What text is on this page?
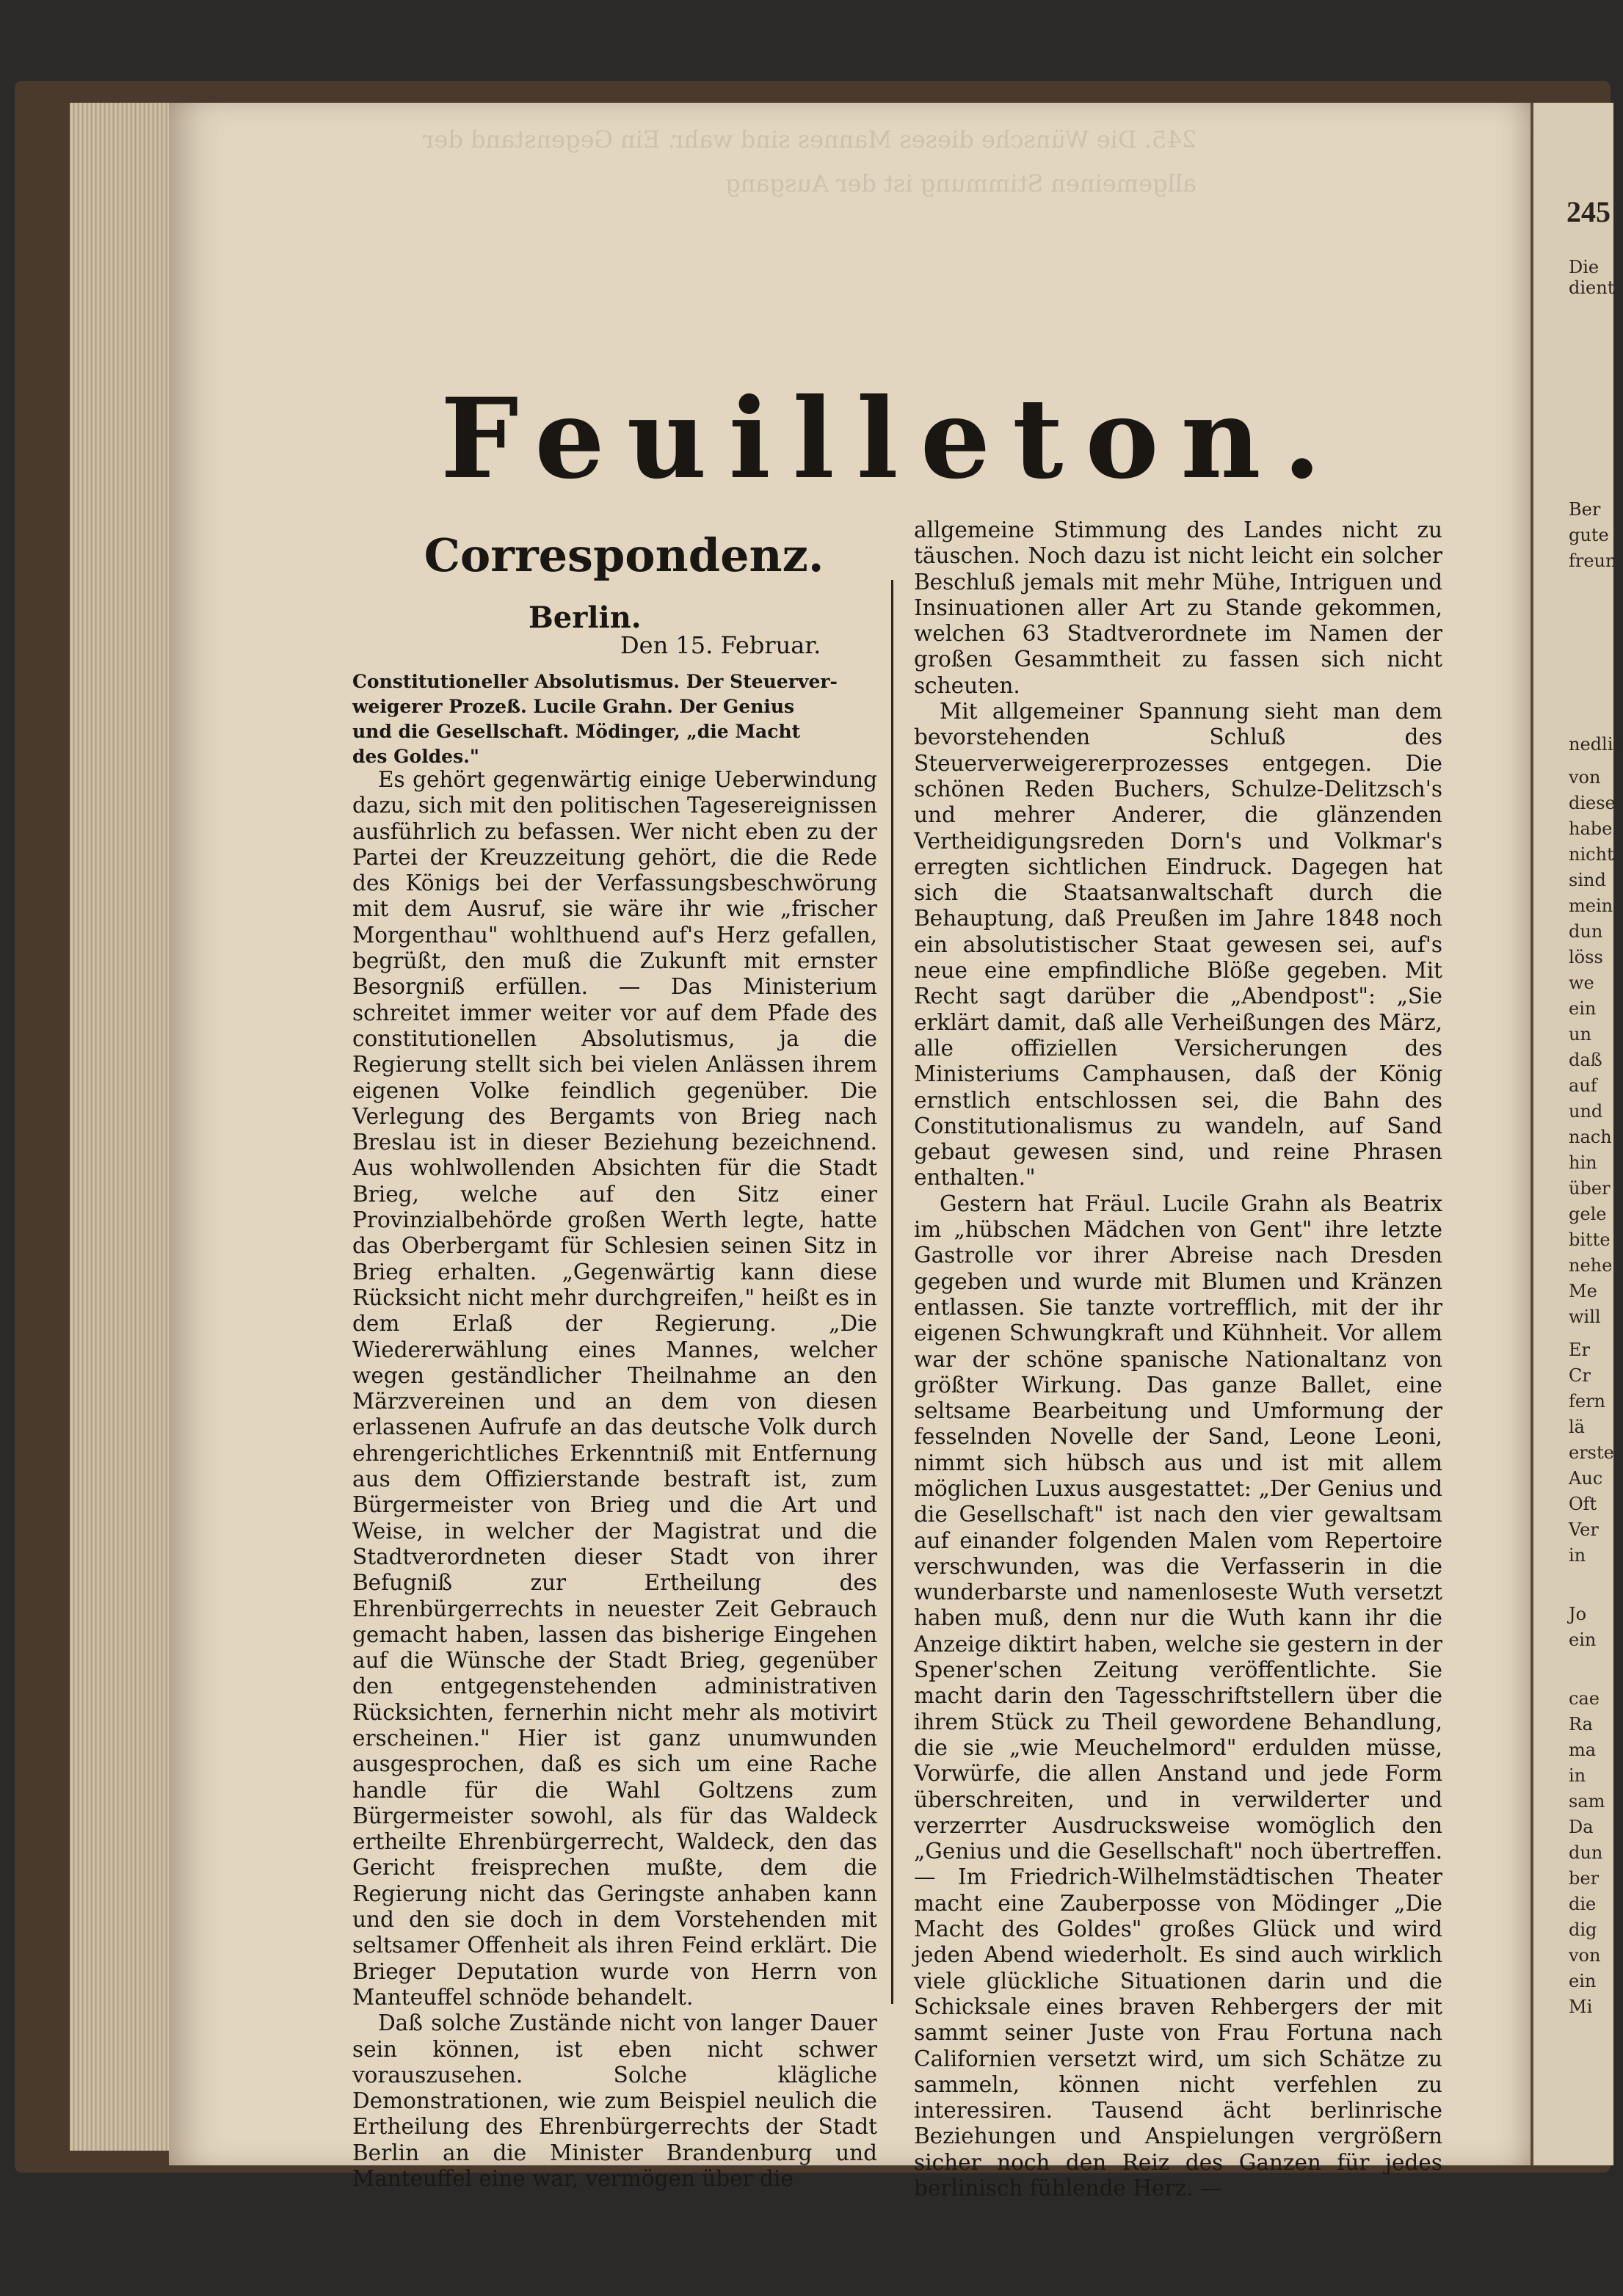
245. Die Wünsche dieses Mannes sind wahr. Ein Gegenstand der allgemeinen Stimmung ist der Ausgang
245
Die
dient
Ber
gute
freun
nedlic
von
diese
habe
nicht
sind
mein
dun
löss
we
ein
un
daß
auf
und
nach
hin
über
gele
bitte
nehe
Me
will
Er
Cr
fern
lä
erste
Auc
Oft
Ver
in
Jo
ein
cae
Ra
ma
in
sam
Da
dun
ber
die
dig
von
ein
Mi
Feuilleton.
Correspondenz.
Berlin.
Den 15. Februar.
Constitutioneller Absolutismus. Der Steuerver-
weigerer Prozeß. Lucile Grahn. Der Genius
und die Gesellschaft. Mödinger, „die Macht
des Goldes."

Es gehört gegenwärtig einige Ueberwindung dazu, sich mit den politischen Tagesereignissen ausführlich zu befassen. Wer nicht eben zu der Partei der Kreuzzeitung gehört, die die Rede des Königs bei der Verfassungsbeschwörung mit dem Ausruf, sie wäre ihr wie „frischer Morgenthau" wohlthuend auf's Herz gefallen, begrüßt, den muß die Zukunft mit ernster Besorgniß erfüllen. — Das Ministerium schreitet immer weiter vor auf dem Pfade des constitutionellen Absolutismus, ja die Regierung stellt sich bei vielen Anlässen ihrem eigenen Volke feindlich gegenüber. Die Verlegung des Bergamts von Brieg nach Breslau ist in dieser Beziehung bezeichnend. Aus wohlwollenden Absichten für die Stadt Brieg, welche auf den Sitz einer Provinzialbehörde großen Werth legte, hatte das Oberbergamt für Schlesien seinen Sitz in Brieg erhalten. „Gegenwärtig kann diese Rücksicht nicht mehr durchgreifen," heißt es in dem Erlaß der Regierung. „Die Wiedererwählung eines Mannes, welcher wegen geständlicher Theilnahme an den Märzvereinen und an dem von diesen erlassenen Aufrufe an das deutsche Volk durch ehrengerichtliches Erkenntniß mit Entfernung aus dem Offizierstande bestraft ist, zum Bürgermeister von Brieg und die Art und Weise, in welcher der Magistrat und die Stadtverordneten dieser Stadt von ihrer Befugniß zur Ertheilung des Ehrenbürgerrechts in neuester Zeit Gebrauch gemacht haben, lassen das bisherige Eingehen auf die Wünsche der Stadt Brieg, gegenüber den entgegenstehenden administrativen Rücksichten, fernerhin nicht mehr als motivirt erscheinen." Hier ist ganz unumwunden ausgesprochen, daß es sich um eine Rache handle für die Wahl Goltzens zum Bürgermeister sowohl, als für das Waldeck ertheilte Ehrenbürgerrecht, Waldeck, den das Gericht freisprechen mußte, dem die Regierung nicht das Geringste anhaben kann und den sie doch in dem Vorstehenden mit seltsamer Offenheit als ihren Feind erklärt. Die Brieger Deputation wurde von Herrn von Manteuffel schnöde behandelt.

Daß solche Zustände nicht von langer Dauer sein können, ist eben nicht schwer vorauszusehen. Solche klägliche Demonstrationen, wie zum Beispiel neulich die Ertheilung des Ehrenbürgerrechts der Stadt Berlin an die Minister Brandenburg und Manteuffel eine war, vermögen über die

allgemeine Stimmung des Landes nicht zu täuschen. Noch dazu ist nicht leicht ein solcher Beschluß jemals mit mehr Mühe, Intriguen und Insinuationen aller Art zu Stande gekommen, welchen 63 Stadtverordnete im Namen der großen Gesammtheit zu fassen sich nicht scheuten.

Mit allgemeiner Spannung sieht man dem bevorstehenden Schluß des Steuerverweigererprozesses entgegen. Die schönen Reden Buchers, Schulze-Delitzsch's und mehrer Anderer, die glänzenden Vertheidigungsreden Dorn's und Volkmar's erregten sichtlichen Eindruck. Dagegen hat sich die Staatsanwaltschaft durch die Behauptung, daß Preußen im Jahre 1848 noch ein absolutistischer Staat gewesen sei, auf's neue eine empfindliche Blöße gegeben. Mit Recht sagt darüber die „Abendpost": „Sie erklärt damit, daß alle Verheißungen des März, alle offiziellen Versicherungen des Ministeriums Camphausen, daß der König ernstlich entschlossen sei, die Bahn des Constitutionalismus zu wandeln, auf Sand gebaut gewesen sind, und reine Phrasen enthalten."

Gestern hat Fräul. Lucile Grahn als Beatrix im „hübschen Mädchen von Gent" ihre letzte Gastrolle vor ihrer Abreise nach Dresden gegeben und wurde mit Blumen und Kränzen entlassen. Sie tanzte vortrefflich, mit der ihr eigenen Schwungkraft und Kühnheit. Vor allem war der schöne spanische Nationaltanz von größter Wirkung. Das ganze Ballet, eine seltsame Bearbeitung und Umformung der fesselnden Novelle der Sand, Leone Leoni, nimmt sich hübsch aus und ist mit allem möglichen Luxus ausgestattet: „Der Genius und die Gesellschaft" ist nach den vier gewaltsam auf einander folgenden Malen vom Repertoire verschwunden, was die Verfasserin in die wunderbarste und namenloseste Wuth versetzt haben muß, denn nur die Wuth kann ihr die Anzeige diktirt haben, welche sie gestern in der Spener'schen Zeitung veröffentlichte. Sie macht darin den Tagesschriftstellern über die ihrem Stück zu Theil gewordene Behandlung, die sie „wie Meuchelmord" erdulden müsse, Vorwürfe, die allen Anstand und jede Form überschreiten, und in verwilderter und verzerrter Ausdrucksweise womöglich den „Genius und die Gesellschaft" noch übertreffen. — Im Friedrich-Wilhelmstädtischen Theater macht eine Zauberposse von Mödinger „Die Macht des Goldes" großes Glück und wird jeden Abend wiederholt. Es sind auch wirklich viele glückliche Situationen darin und die Schicksale eines braven Rehbergers der mit sammt seiner Juste von Frau Fortuna nach Californien versetzt wird, um sich Schätze zu sammeln, können nicht verfehlen zu interessiren. Tausend ächt berlinrische Beziehungen und Anspielungen vergrößern sicher noch den Reiz des Ganzen für jedes berlinisch fühlende Herz. —
